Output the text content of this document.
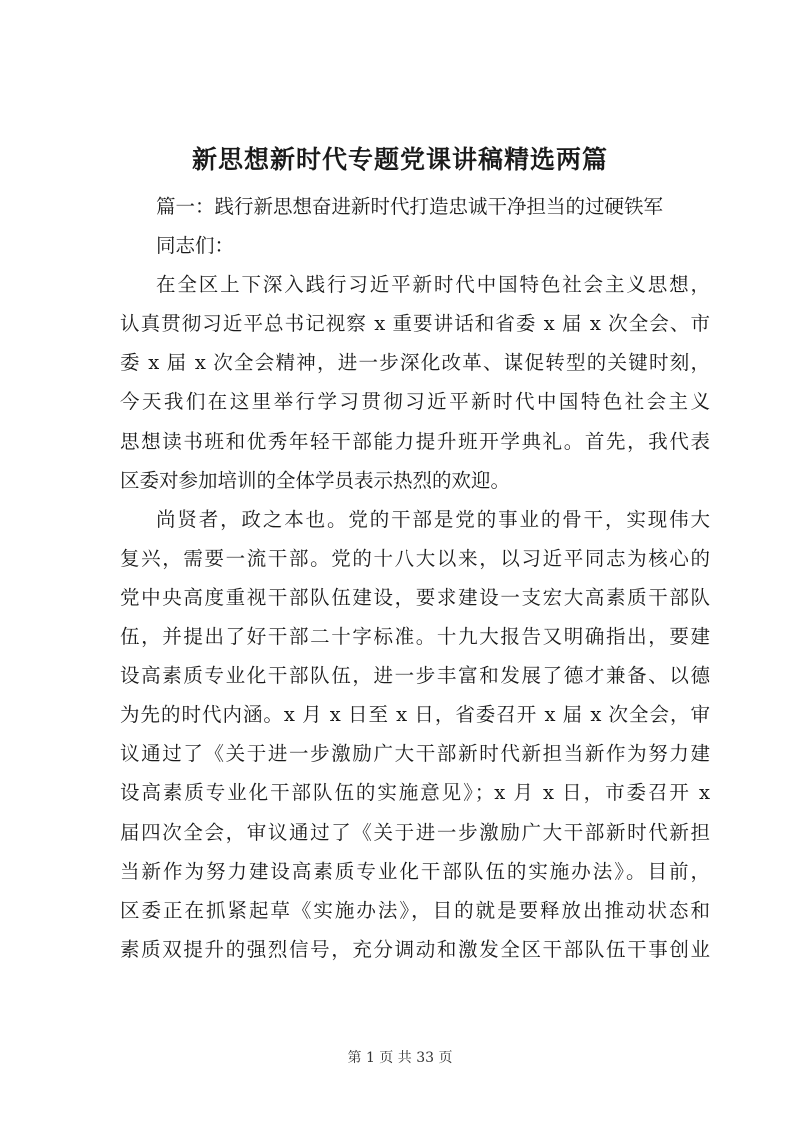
新思想新时代专题党课讲稿精选两篇
篇一：践行新思想奋进新时代打造忠诚干净担当的过硬铁军
同志们：
在全区上下深入践行习近平新时代中国特色社会主义思想，
认真贯彻习近平总书记视察 x 重要讲话和省委 x 届 x 次全会、市
委 x 届 x 次全会精神，进一步深化改革、谋促转型的关键时刻，
今天我们在这里举行学习贯彻习近平新时代中国特色社会主义
思想读书班和优秀年轻干部能力提升班开学典礼。首先，我代表
区委对参加培训的全体学员表示热烈的欢迎。
尚贤者，政之本也。党的干部是党的事业的骨干，实现伟大
复兴，需要一流干部。党的十八大以来，以习近平同志为核心的
党中央高度重视干部队伍建设，要求建设一支宏大高素质干部队
伍，并提出了好干部二十字标准。十九大报告又明确指出，要建
设高素质专业化干部队伍，进一步丰富和发展了德才兼备、以德
为先的时代内涵。x 月 x 日至 x 日，省委召开 x 届 x 次全会，审
议通过了《关于进一步激励广大干部新时代新担当新作为努力建
设高素质专业化干部队伍的实施意见》；x 月 x 日，市委召开 x
届四次全会，审议通过了《关于进一步激励广大干部新时代新担
当新作为努力建设高素质专业化干部队伍的实施办法》。目前，
区委正在抓紧起草《实施办法》，目的就是要释放出推动状态和
素质双提升的强烈信号，充分调动和激发全区干部队伍干事创业
第 1 页 共 33 页
